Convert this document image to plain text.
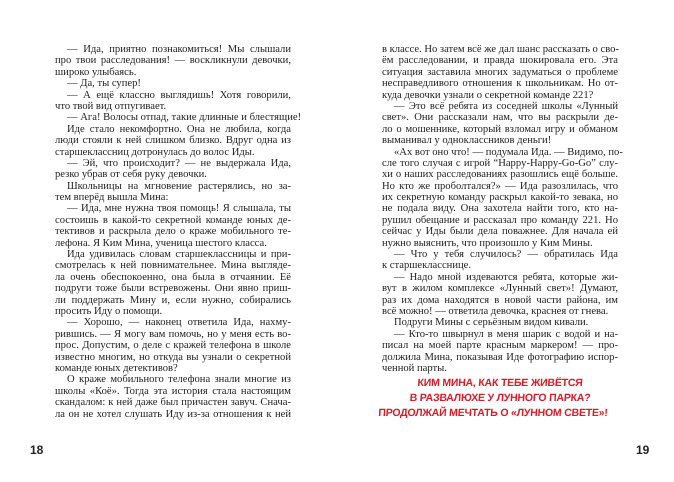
— Ида, приятно познакомиться! Мы слышали
про твои расследования! — воскликнули девочки,
широко улыбаясь.
— Да, ты супер!
— А ещё классно выглядишь! Хотя говорили,
что твой вид отпугивает.
— Ага! Волосы отпад, такие длинные и блестящие!
Иде стало некомфортно. Она не любила, когда
люди стояли к ней слишком близко. Вдруг одна из
старшеклассниц дотронулась до волос Иды.
— Эй, что происходит? — не выдержала Ида,
резко убрав от себя руку девочки.
Школьницы на мгновение растерялись, но за-
тем вперёд вышла Мина:
— Ида, мне нужна твоя помощь! Я слышала, ты
состоишь в какой-то секретной команде юных де-
тективов и раскрыла дело о краже мобильного те-
лефона. Я Ким Мина, ученица шестого класса.
Ида удивилась словам старшеклассницы и при-
смотрелась к ней повнимательнее. Мина выгляде-
ла очень обеспокоенно, она была в отчаянии. Её
подруги тоже были встревожены. Они явно приш-
ли поддержать Мину и, если нужно, собирались
просить Иду о помощи.
— Хорошо, — наконец ответила Ида, нахму-
рившись. — Я могу вам помочь, но у меня есть во-
прос. Допустим, о деле с кражей телефона в школе
известно многим, но откуда вы узнали о секретной
команде юных детективов?
О краже мобильного телефона знали многие из
школы «Коё». Тогда эта история стала настоящим
скандалом: к ней даже был причастен завуч. Снача-
ла он не хотел слушать Иду из-за отношения к ней
в классе. Но затем всё же дал шанс рассказать о сво-
ём расследовании, и правда шокировала его. Эта
ситуация заставила многих задуматься о проблеме
несправедливого отношения к школьникам. Но от-
куда девочки узнали о секретной команде 221?
— Это всё ребята из соседней школы «Лунный
свет». Они рассказали нам, что вы раскрыли де-
ло о мошеннике, который взломал игру и обманом
выманивал у одноклассников деньги!
«Ах вот оно что! — подумала Ида. — Видимо, по-
сле того случая с игрой “Happy-Happy-Go-Go” слу-
хи о наших расследованиях разошлись ещё больше.
Но кто же проболтался?» — Ида разозлилась, что
их секретную команду раскрыл какой-то зевака, но
не подала виду. Она захотела найти того, кто на-
рушил обещание и рассказал про команду 221. Но
сейчас у Иды были дела поважнее. Для начала ей
нужно выяснить, что произошло у Ким Мины.
— Что у тебя случилось? — обратилась Ида
к старшекласснице.
— Надо мной издеваются ребята, которые жи-
вут в жилом комплексе «Лунный свет»! Думают,
раз их дома находятся в новой части района, им
всё можно! — ответила девочка, краснея от гнева.
Подруги Мины с серьёзным видом кивали.
— Кто-то швырнул в меня шарик с водой и на-
писал на моей парте красным маркером! — про-
должила Мина, показывая Иде фотографию испор-
ченной парты.
КИМ МИНА, КАК ТЕБЕ ЖИВЁТСЯ
В РАЗВАЛЮХЕ У ЛУННОГО ПАРКА?
ПРОДОЛЖАЙ МЕЧТАТЬ О «ЛУННОМ СВЕТЕ»!
18	19
